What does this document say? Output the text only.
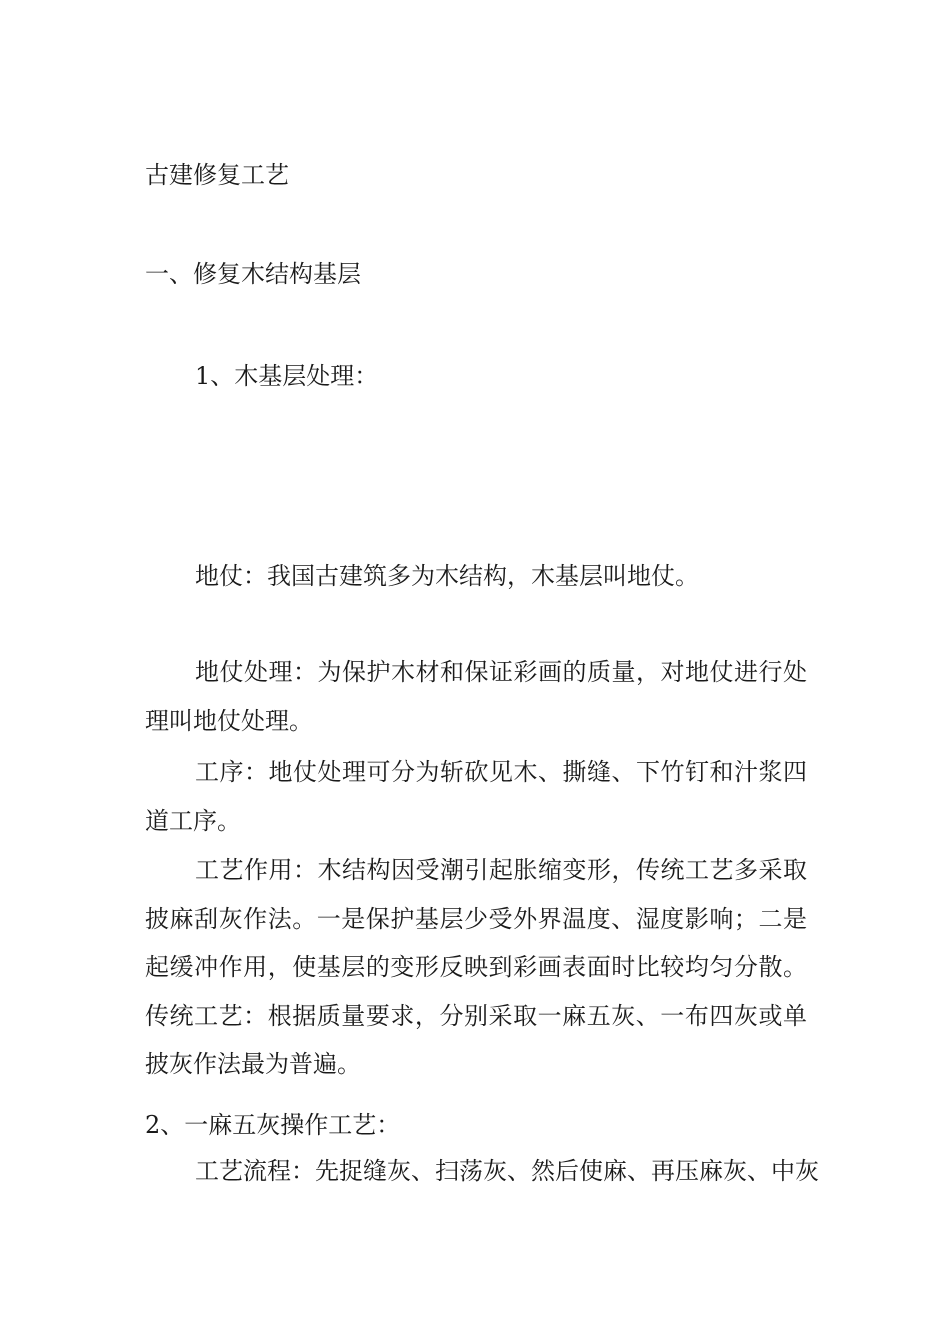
古建修复工艺
一、修复木结构基层
1、木基层处理：
地仗：我国古建筑多为木结构，木基层叫地仗。
地仗处理：为保护木材和保证彩画的质量，对地仗进行处理叫地仗处理。
工序：地仗处理可分为斩砍见木、撕缝、下竹钉和汁浆四道工序。
工艺作用：木结构因受潮引起胀缩变形，传统工艺多采取披麻刮灰作法。一是保护基层少受外界温度、湿度影响；二是起缓冲作用，使基层的变形反映到彩画表面时比较均匀分散。传统工艺：根据质量要求，分别采取一麻五灰、一布四灰或单披灰作法最为普遍。
2、一麻五灰操作工艺：
工艺流程：先捉缝灰、扫荡灰、然后使麻、再压麻灰、中灰
